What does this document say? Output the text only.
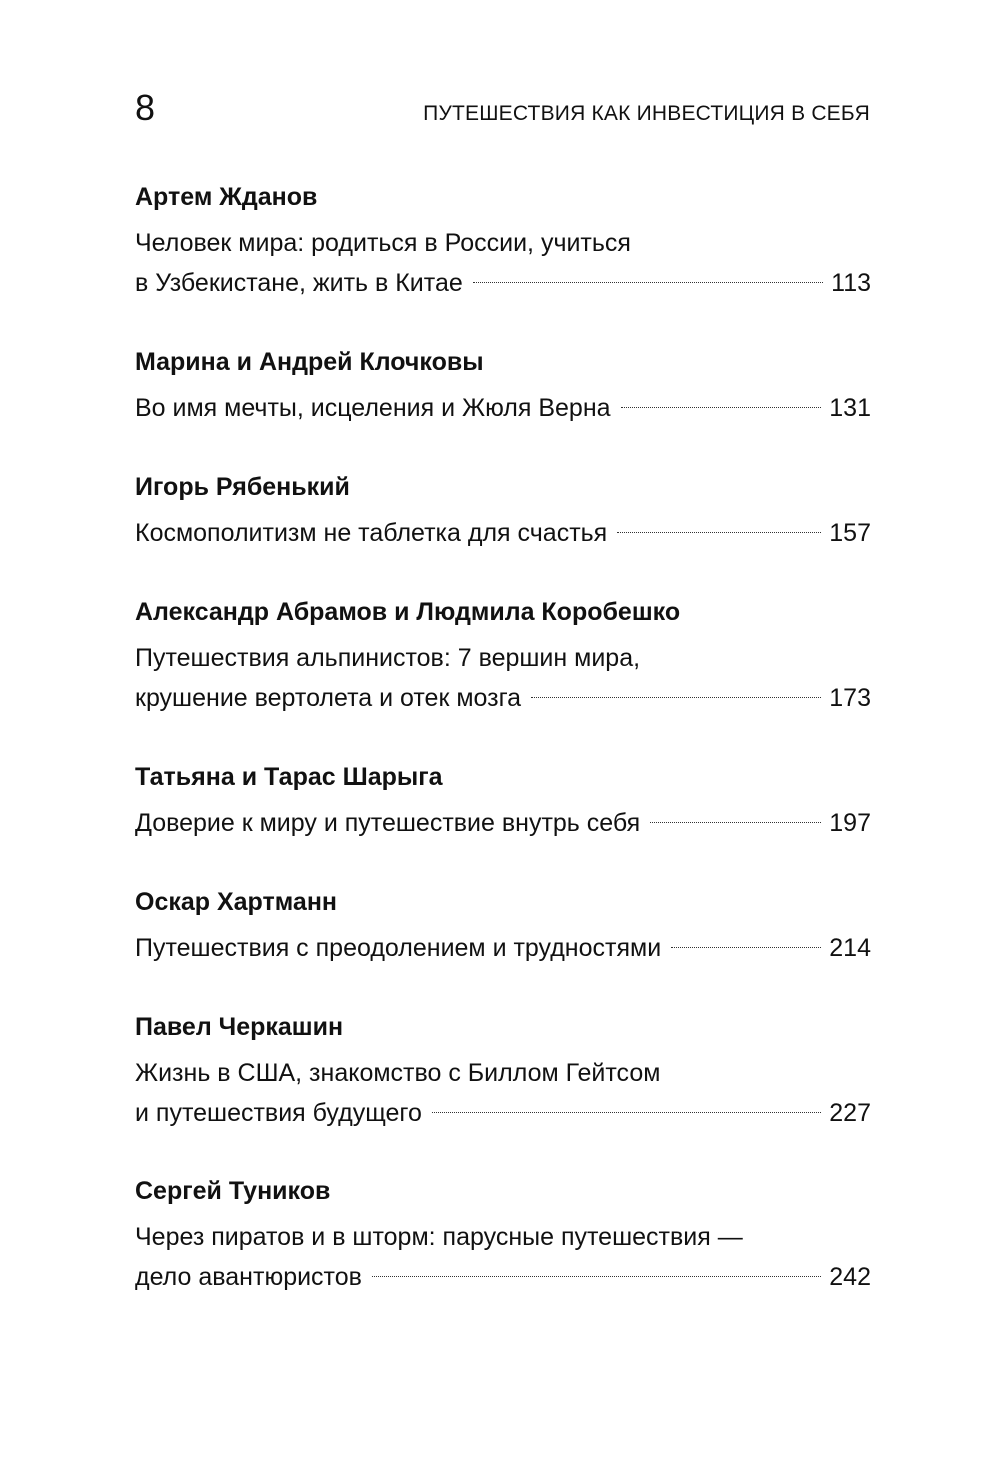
8	ПУТЕШЕСТВИЯ КАК ИНВЕСТИЦИЯ В СЕБЯ
Артем Жданов
Человек мира: родиться в России, учиться
в Узбекистане, жить в Китае	113
Марина и Андрей Клочковы
Во имя мечты, исцеления и Жюля Верна	131
Игорь Рябенький
Космополитизм не таблетка для счастья	157
Александр Абрамов и Людмила Коробешко
Путешествия альпинистов: 7 вершин мира,
крушение вертолета и отек мозга	173
Татьяна и Тарас Шарыга
Доверие к миру и путешествие внутрь себя	197
Оскар Хартманн
Путешествия с преодолением и трудностями	214
Павел Черкашин
Жизнь в США, знакомство с Биллом Гейтсом
и путешествия будущего	227
Сергей Туников
Через пиратов и в шторм: парусные путешествия —
дело авантюристов	242
